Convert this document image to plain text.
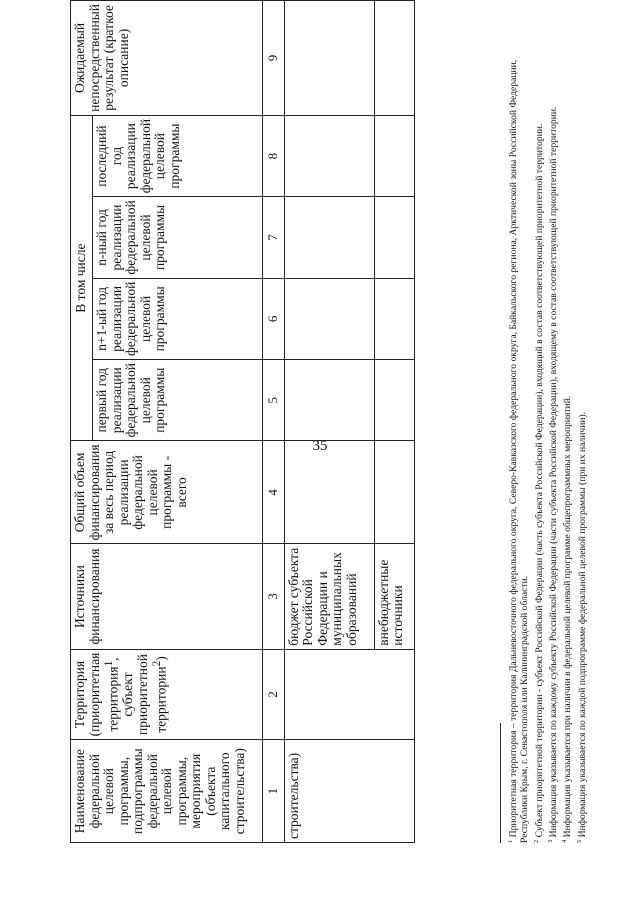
35
Наименование федеральной целевой программы, подпрограммы федеральной целевой программы, мероприятия (объекта капитального строительства)	Территория (приоритетная территория$^1$, субъект приоритетной территории$^2$)	Источники финансирования	Общий объем финансирования за весь период реализации федеральной целевой программы - всего	В том числе				Ожидаемый непосредственный результат (краткое описание)
				первый год реализации федеральной целевой программы	n+1-ый год реализации федеральной целевой программы	n-ный год реализации федеральной целевой программы	последний год реализации федеральной целевой программы	
1	2	3	4	5	6	7	8	9
строительства)		бюджет субъекта Российской Федерации и муниципальных образований						
		внебюджетные источники						

$^1$ Приоритетная территория – территория Дальневосточного федерального округа, Северо-Кавказского федерального округа, Байкальского региона, Арктической зоны Российской Федерации, Республики Крым, г. Севастополя или Калининградской области. $^2$ Субъект приоритетной территории - субъект Российской Федерации (часть субъекта Российской Федерации), входящий в состав соответствующей приоритетной территории.

$^3$ Информация указывается по каждому субъекту Российской Федерации (части субъекта Российской Федерации), входящему в состав соответствующей приоритетной территории.

$^4$ Информация указывается при наличии в федеральной целевой программе общепрограммных мероприятий.

$^5$ Информация указывается по каждой подпрограмме федеральной целевой программы (при их наличии).
